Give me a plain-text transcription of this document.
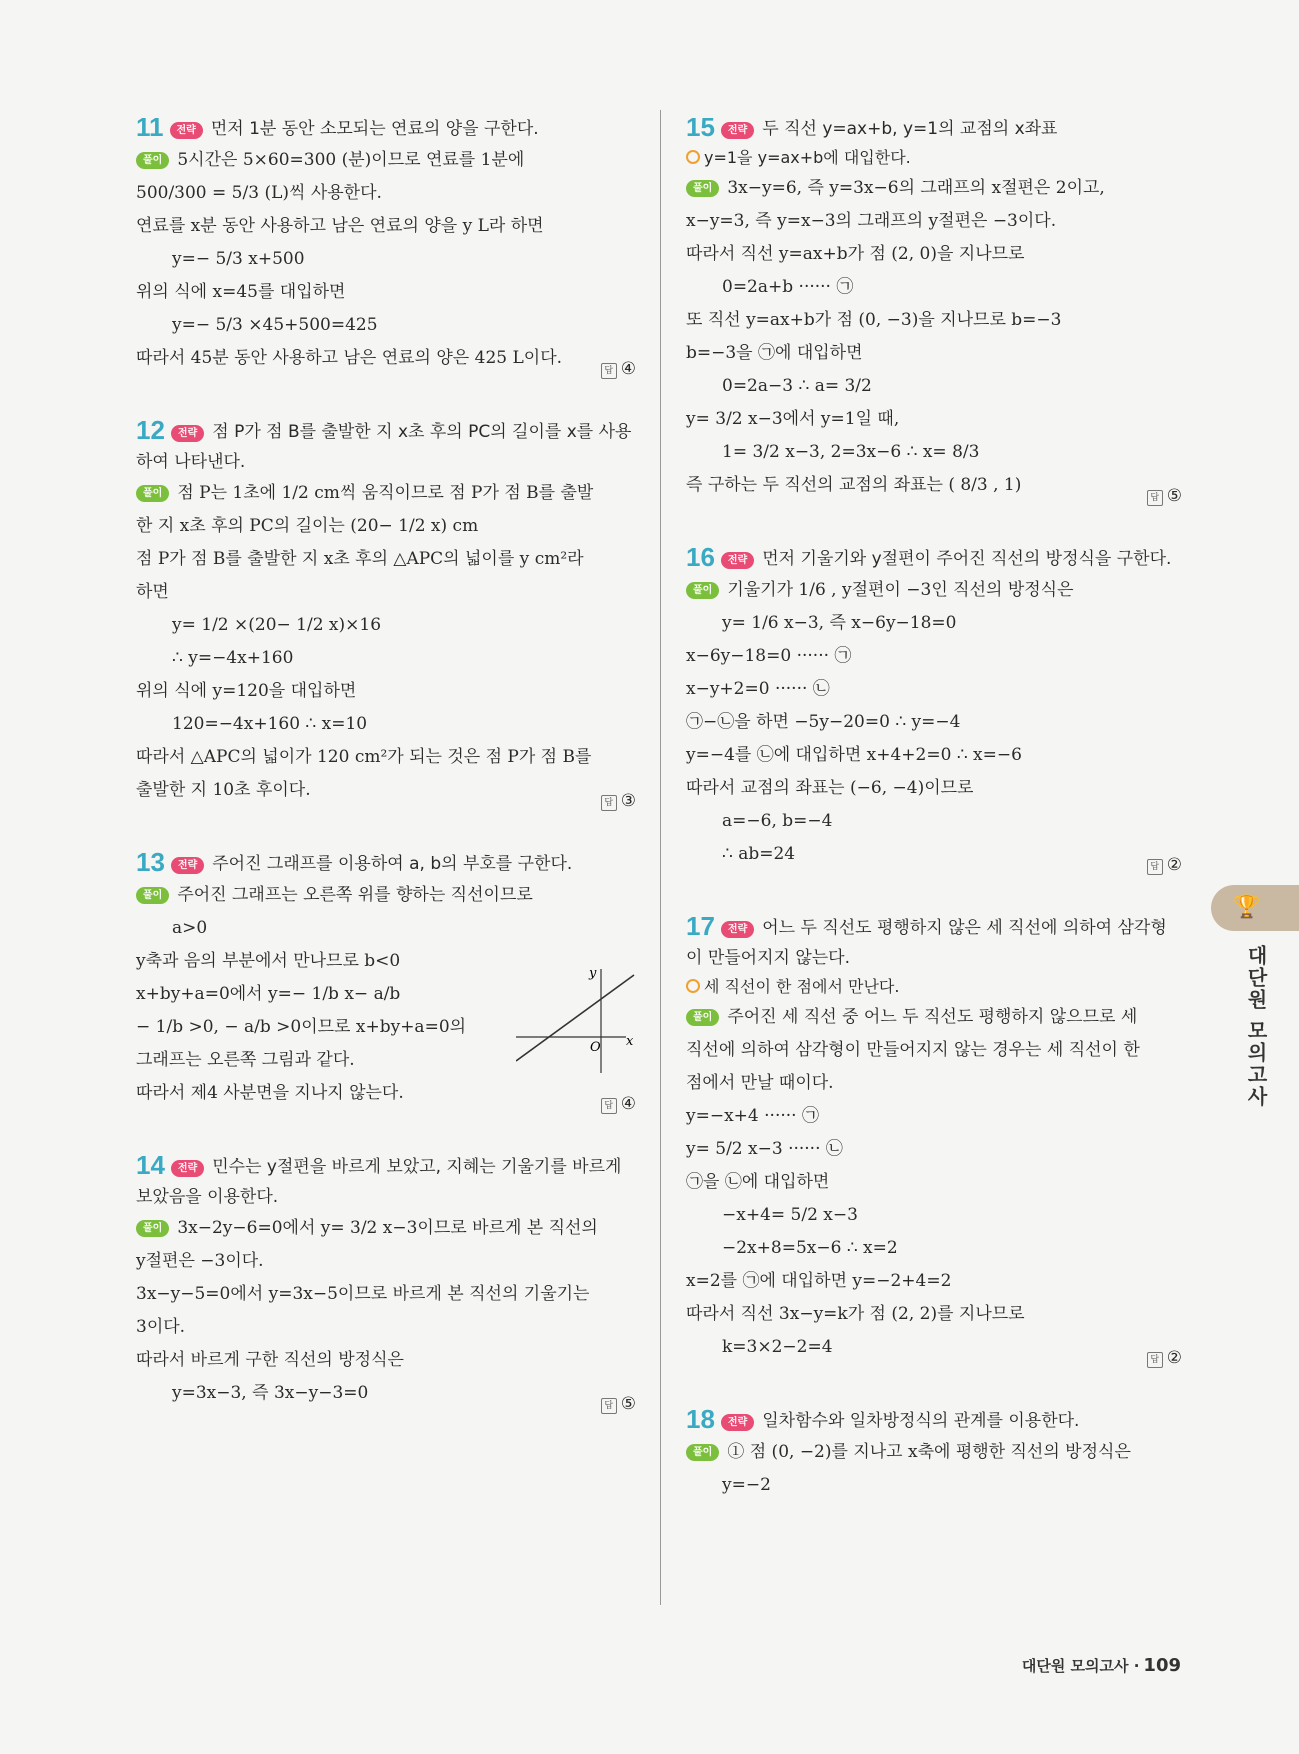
11 전략 먼저 1분 동안 소모되는 연료의 양을 구한다.
풀이 5시간은 5×60=300 (분)이므로 연료를 1분에
500/300 = 5/3 (L)씩 사용한다.
연료를 x분 동안 사용하고 남은 연료의 양을 y L라 하면
y=− 5/3 x+500
위의 식에 x=45를 대입하면
y=− 5/3 ×45+500=425
따라서 45분 동안 사용하고 남은 연료의 양은 425 L이다.
답 ④
12 전략 점 P가 점 B를 출발한 지 x초 후의 PC의 길이를 x를 사용하여 나타낸다.
풀이 점 P는 1초에 1/2 cm씩 움직이므로 점 P가 점 B를 출발
한 지 x초 후의 PC의 길이는 (20− 1/2 x) cm
점 P가 점 B를 출발한 지 x초 후의 △APC의 넓이를 y cm²라
하면
y= 1/2 ×(20− 1/2 x)×16
∴ y=−4x+160
위의 식에 y=120을 대입하면
120=−4x+160 ∴ x=10
따라서 △APC의 넓이가 120 cm²가 되는 것은 점 P가 점 B를
출발한 지 10초 후이다.
답 ③
13 전략 주어진 그래프를 이용하여 a, b의 부호를 구한다.
풀이 주어진 그래프는 오른쪽 위를 향하는 직선이므로
a>0
y축과 음의 부분에서 만나므로 b<0
x+by+a=0에서 y=− 1/b x− a/b
− 1/b >0, − a/b >0이므로 x+by+a=0의
그래프는 오른쪽 그림과 같다.
따라서 제4 사분면을 지나지 않는다.
답 ④
y
x
O
14 전략 민수는 y절편을 바르게 보았고, 지혜는 기울기를 바르게 보았음을 이용한다.
풀이 3x−2y−6=0에서 y= 3/2 x−3이므로 바르게 본 직선의
y절편은 −3이다.
3x−y−5=0에서 y=3x−5이므로 바르게 본 직선의 기울기는
3이다.
따라서 바르게 구한 직선의 방정식은
y=3x−3, 즉 3x−y−3=0
답 ⑤
15 전략 두 직선 y=ax+b, y=1의 교점의 x좌표
y=1을 y=ax+b에 대입한다.
풀이 3x−y=6, 즉 y=3x−6의 그래프의 x절편은 2이고,
x−y=3, 즉 y=x−3의 그래프의 y절편은 −3이다.
따라서 직선 y=ax+b가 점 (2, 0)을 지나므로
0=2a+b ······ ㉠
또 직선 y=ax+b가 점 (0, −3)을 지나므로 b=−3
b=−3을 ㉠에 대입하면
0=2a−3 ∴ a= 3/2
y= 3/2 x−3에서 y=1일 때,
1= 3/2 x−3, 2=3x−6 ∴ x= 8/3
즉 구하는 두 직선의 교점의 좌표는 ( 8/3 , 1)
답 ⑤
16 전략 먼저 기울기와 y절편이 주어진 직선의 방정식을 구한다.
풀이 기울기가 1/6 , y절편이 −3인 직선의 방정식은
y= 1/6 x−3, 즉 x−6y−18=0
x−6y−18=0 ······ ㉠
x−y+2=0 ······ ㉡
㉠−㉡을 하면 −5y−20=0 ∴ y=−4
y=−4를 ㉡에 대입하면 x+4+2=0 ∴ x=−6
따라서 교점의 좌표는 (−6, −4)이므로
a=−6, b=−4
∴ ab=24
답 ②
17 전략 어느 두 직선도 평행하지 않은 세 직선에 의하여 삼각형이 만들어지지 않는다.
세 직선이 한 점에서 만난다.
풀이 주어진 세 직선 중 어느 두 직선도 평행하지 않으므로 세
직선에 의하여 삼각형이 만들어지지 않는 경우는 세 직선이 한
점에서 만날 때이다.
y=−x+4 ······ ㉠
y= 5/2 x−3 ······ ㉡
㉠을 ㉡에 대입하면
−x+4= 5/2 x−3
−2x+8=5x−6 ∴ x=2
x=2를 ㉠에 대입하면 y=−2+4=2
따라서 직선 3x−y=k가 점 (2, 2)를 지나므로
k=3×2−2=4
답 ②
18 전략 일차함수와 일차방정식의 관계를 이용한다.
풀이 ① 점 (0, −2)를 지나고 x축에 평행한 직선의 방정식은
y=−2
🏆
대단원 모의고사
대단원 모의고사 · 109
